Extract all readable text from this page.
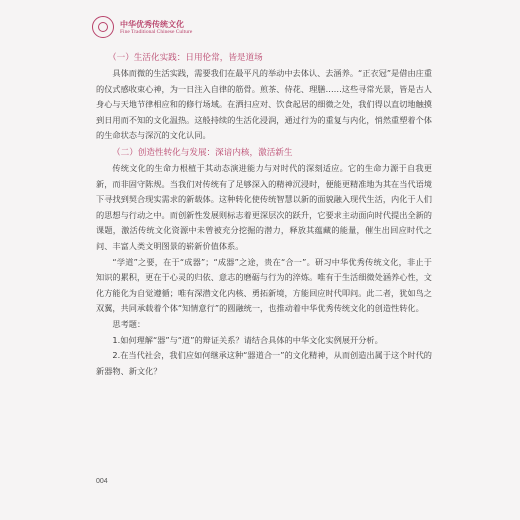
中华优秀传统文化
Fine Traditional Chinese Culture
（一）生活化实践：日用伦常，皆是道场

具体而微的生活实践，需要我们在最平凡的举动中去体认、去涵养。“正衣冠”是借由庄重的仪式感收束心神，为一日注入自律的筋骨。煎茶、侍花、理膳……这些寻常光景，皆是古人身心与天地节律相应和的修行场域。在洒扫应对、饮食起居的细微之处，我们得以直切地触摸到日用而不知的文化温热。这般持续的生活化浸润，通过行为的重复与内化，悄然重塑着个体的生命状态与深沉的文化认同。

（二）创造性转化与发展：深谙内核，激活新生

传统文化的生命力根植于其动态演进能力与对时代的深刻适应。它的生命力源于自我更新，而非固守陈规。当我们对传统有了足够深入的精神沉浸时，便能更精准地为其在当代语境下寻找到契合现实需求的新载体。这种转化使传统智慧以新的面貌融入现代生活，内化于人们的思想与行动之中。而创新性发展则标志着更深层次的跃升，它要求主动面向时代提出全新的课题，激活传统文化资源中未曾被充分挖掘的潜力，释放其蕴藏的能量，催生出回应时代之问、丰富人类文明图景的崭新价值体系。

“学道”之要，在于“成器”；“成器”之途，贵在“合一”。研习中华优秀传统文化，非止于知识的累积，更在于心灵的归依、意志的磨砺与行为的淬炼。唯有于生活细微处涵养心性，文化方能化为自觉遵循；唯有深潜文化内核、勇拓新境，方能回应时代叩问。此二者，犹如鸟之双翼，共同承载着个体“知情意行”的圆融统一，也推动着中华优秀传统文化的创造性转化。

思考题：

1.如何理解“器”与“道”的辩证关系？请结合具体的中华文化实例展开分析。

2.在当代社会，我们应如何继承这种“器道合一”的文化精神，从而创造出属于这个时代的新器物、新文化？

004
